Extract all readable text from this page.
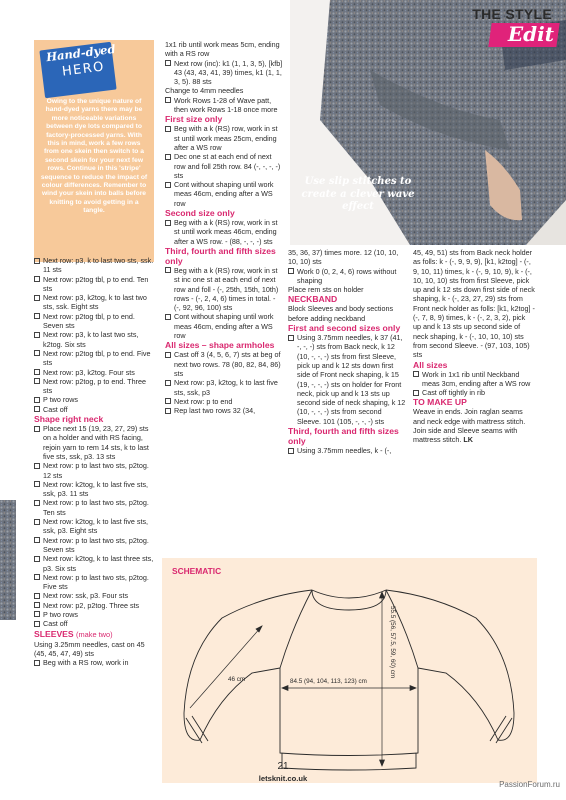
Use slip stitches to create a clever wave effect
THE STYLE
Edit
Hand-dyed
HERO
Owing to the unique nature of hand-dyed yarns there may be more noticeable variations between dye lots compared to factory-processed yarns. With this in mind, work a few rows from one skein then switch to a second skein for your next few rows. Continue in this 'stripe' sequence to reduce the impact of colour differences. Remember to wind your skein into balls before knitting to avoid getting in a tangle.

Next row: p3, k to last two sts, ssk. 11 sts

Next row: p2tog tbl, p to end. Ten sts

Next row: p3, k2tog, k to last two sts, ssk. Eight sts

Next row: p2tog tbl, p to end. Seven sts

Next row: p3, k to last two sts, k2tog. Six sts

Next row: p2tog tbl, p to end. Five sts

Next row: p3, k2tog. Four sts

Next row: p2tog, p to end. Three sts

P two rows

Cast off

Shape right neck

Place next 15 (19, 23, 27, 29) sts on a holder and with RS facing, rejoin yarn to rem 14 sts, k to last five sts, ssk, p3. 13 sts

Next row: p to last two sts, p2tog. 12 sts

Next row: k2tog, k to last five sts, ssk, p3. 11 sts

Next row: p to last two sts, p2tog. Ten sts

Next row: k2tog, k to last five sts, ssk, p3. Eight sts

Next row: p to last two sts, p2tog. Seven sts

Next row: k2tog, k to last three sts, p3. Six sts

Next row: p to last two sts, p2tog. Five sts

Next row: ssk, p3. Four sts

Next row: p2, p2tog. Three sts

P two rows

Cast off

SLEEVES (make two)

Using 3.25mm needles, cast on 45 (45, 45, 47, 49) sts

Beg with a RS row, work in

1x1 rib until work meas 5cm, ending with a RS row

Next row (inc): k1 (1, 1, 3, 5), [kfb] 43 (43, 43, 41, 39) times, k1 (1, 1, 3, 5). 88 sts

Change to 4mm needles

Work Rows 1-28 of Wave patt, then work Rows 1-18 once more

First size only

Beg with a k (RS) row, work in st st until work meas 25cm, ending after a WS row

Dec one st at each end of next row and foll 25th row. 84 (-, -, -, -) sts

Cont without shaping until work meas 46cm, ending after a WS row

Second size only

Beg with a k (RS) row, work in st st until work meas 46cm, ending after a WS row. - (88, -, -, -) sts

Third, fourth and fifth sizes only

Beg with a k (RS) row, work in st st inc one st at each end of next row and foll - (-, 25th, 15th, 10th) rows - (-, 2, 4, 6) times in total. - (-, 92, 96, 100) sts

Cont without shaping until work meas 46cm, ending after a WS row

All sizes – shape armholes

Cast off 3 (4, 5, 6, 7) sts at beg of next two rows. 78 (80, 82, 84, 86) sts

Next row: p3, k2tog, k to last five sts, ssk, p3

Next row: p to end

Rep last two rows 32 (34,

35, 36, 37) times more. 12 (10, 10, 10, 10) sts

Work 0 (0, 2, 4, 6) rows without shaping

Place rem sts on holder

NECKBAND

Block Sleeves and body sections before adding neckband

First and second sizes only

Using 3.75mm needles, k 37 (41, -, -, -) sts from Back neck, k 12 (10, -, -, -) sts from first Sleeve, pick up and k 12 sts down first side of Front neck shaping, k 15 (19, -, -, -) sts on holder for Front neck, pick up and k 13 sts up second side of neck shaping, k 12 (10, -, -, -) sts from second Sleeve. 101 (105, -, -, -) sts

Third, fourth and fifth sizes only

Using 3.75mm needles, k - (-,

45, 49, 51) sts from Back neck holder as folls: k - (-, 9, 9, 9), [k1, k2tog] - (-, 9, 10, 11) times, k - (-, 9, 10, 9), k - (-, 10, 10, 10) sts from first Sleeve, pick up and k 12 sts down first side of neck shaping, k - (-, 23, 27, 29) sts from Front neck holder as folls: [k1, k2tog] - (-, 7, 8, 9) times, k - (-, 2, 3, 2), pick up and k 13 sts up second side of neck shaping, k - (-, 10, 10, 10) sts from second Sleeve. - (97, 103, 105) sts

All sizes

Work in 1x1 rib until Neckband meas 3cm, ending after a WS row

Cast off tightly in rib

TO MAKE UP

Weave in ends. Join raglan seams and neck edge with mattress stitch. Join side and Sleeve seams with mattress stitch. LK

SCHEMATIC
46 cm	84.5 (94, 104, 113, 123) cm
55.5 (56, 57.5, 59, 60) cm
21
letsknit.co.uk
PassionForum.ru
